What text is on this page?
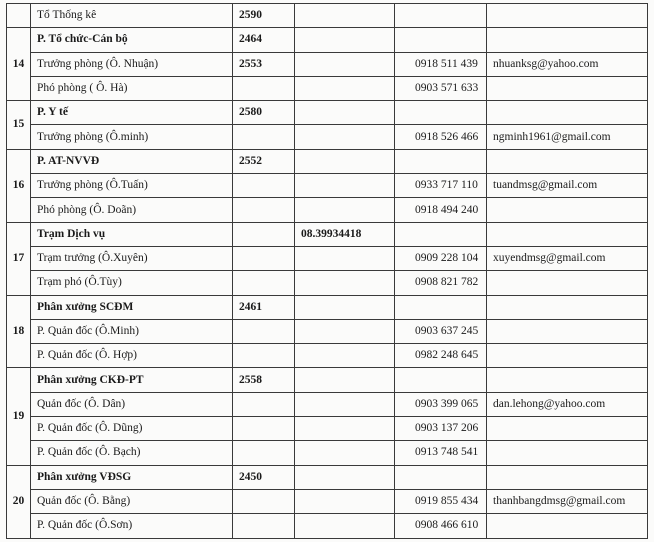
	Tổ Thống kê	2590			
14	P. Tổ chức-Cán bộ	2464			
	Trưởng phòng (Ô. Nhuận)	2553		0918 511 439	nhuanksg@yahoo.com
	Phó phòng ( Ô. Hà)			0903 571 633	
15	P. Y tế	2580			
	Trưởng phòng (Ô.minh)			0918 526 466	ngminh1961@gmail.com
16	P. AT-NVVĐ	2552			
	Trưởng phòng (Ô.Tuấn)			0933 717 110	tuandmsg@gmail.com
	Phó phòng (Ô. Doãn)			0918 494 240	
17	Trạm Dịch vụ		08.39934418		
	Trạm trưởng (Ô.Xuyên)			0909 228 104	xuyendmsg@gmail.com
	Trạm phó (Ô.Tùy)			0908 821 782	
18	Phân xưởng SCĐM	2461			
	P. Quản đốc (Ô.Minh)			0903 637 245	
	P. Quản đốc (Ô. Hợp)			0982 248 645	
19	Phân xưởng CKĐ-PT	2558			
	Quản đốc (Ô. Dân)			0903 399 065	dan.lehong@yahoo.com
	P. Quản đốc (Ô. Dũng)			0903 137 206	
	P. Quản đốc (Ô. Bạch)			0913 748 541	
20	Phân xưởng VĐSG	2450			
	Quản đốc (Ô. Bằng)			0919 855 434	thanhbangdmsg@gmail.com
	P. Quản đốc (Ô.Sơn)			0908 466 610	
